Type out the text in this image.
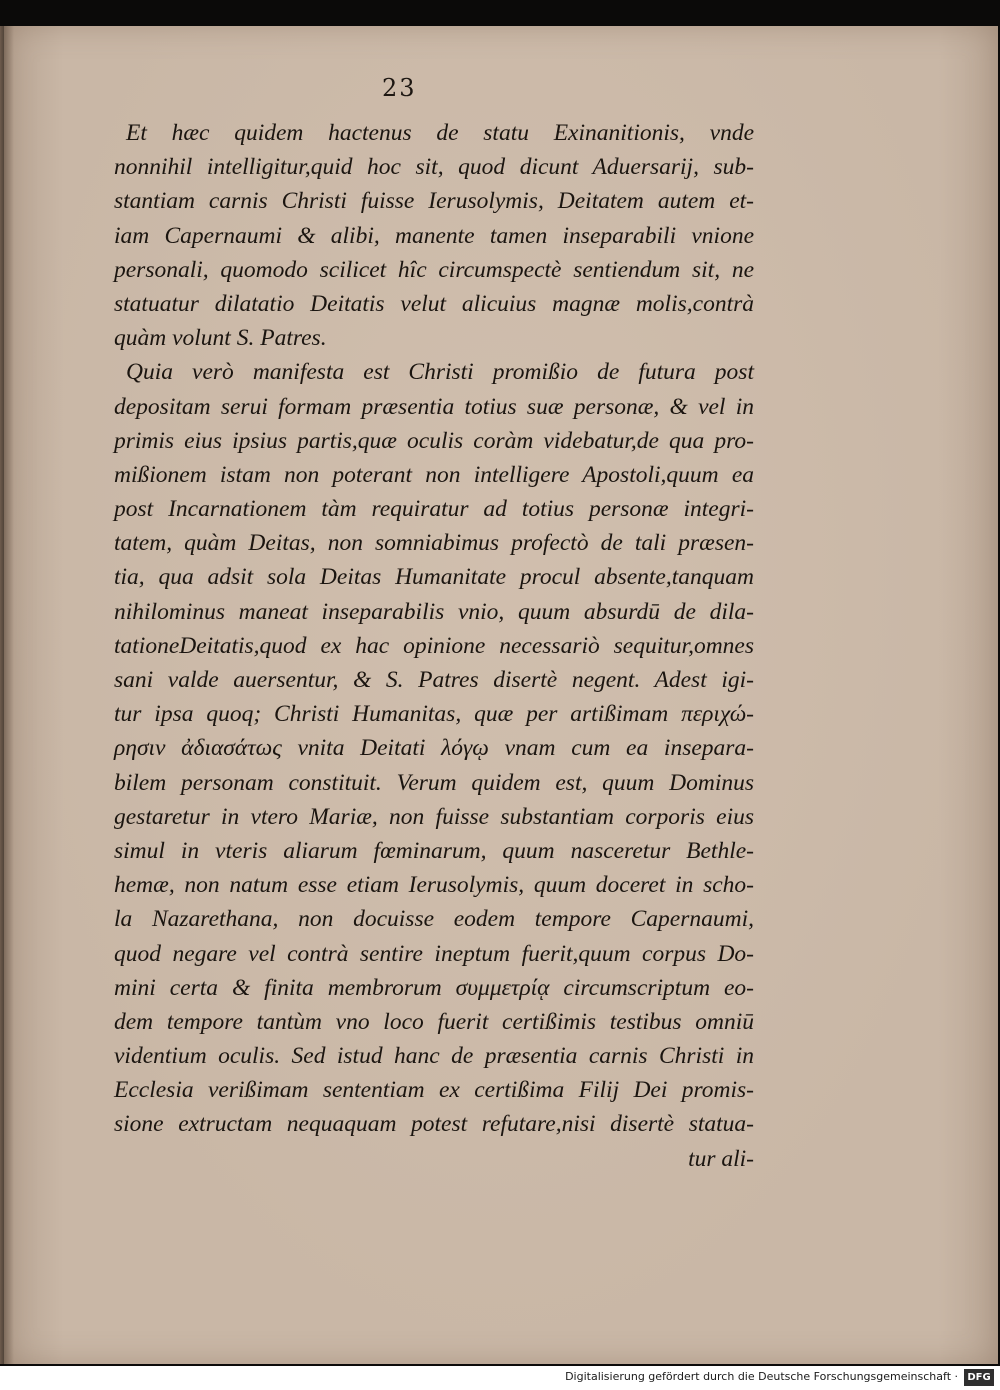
23
Et hæc quidem hactenus de statu Exinanitionis, vnde
nonnihil intelligitur,quid hoc sit, quod dicunt Aduersarij, sub-
stantiam carnis Christi fuisse Ierusolymis, Deitatem autem et-
iam Capernaumi & alibi, manente tamen inseparabili vnione
personali, quomodo scilicet hîc circumspectè sentiendum sit, ne
statuatur dilatatio Deitatis velut alicuius magnæ molis,contrà
quàm volunt S. Patres.
Quia verò manifesta est Christi promißio de futura post
depositam serui formam præsentia totius suæ personæ, & vel in
primis eius ipsius partis,quæ oculis coràm videbatur,de qua pro-
mißionem istam non poterant non intelligere Apostoli,quum ea
post Incarnationem tàm requiratur ad totius personæ integri-
tatem, quàm Deitas, non somniabimus profectò de tali præsen-
tia, qua adsit sola Deitas Humanitate procul absente,tanquam
nihilominus maneat inseparabilis vnio, quum absurdū de dila-
tationeDeitatis,quod ex hac opinione necessariò sequitur,omnes
sani valde auersentur, & S. Patres disertè negent. Adest igi-
tur ipsa quoq; Christi Humanitas, quæ per artißimam περιχώ-
ρησιν ἀδιασάτως vnita Deitati λόγῳ vnam cum ea insepara-
bilem personam constituit. Verum quidem est, quum Dominus
gestaretur in vtero Mariæ, non fuisse substantiam corporis eius
simul in vteris aliarum fœminarum, quum nasceretur Bethle-
hemæ, non natum esse etiam Ierusolymis, quum doceret in scho-
la Nazarethana, non docuisse eodem tempore Capernaumi,
quod negare vel contrà sentire ineptum fuerit,quum corpus Do-
mini certa & finita membrorum συμμετρίᾳ circumscriptum eo-
dem tempore tantùm vno loco fuerit certißimis testibus omniū
videntium oculis. Sed istud hanc de præsentia carnis Christi in
Ecclesia verißimam sententiam ex certißima Filij Dei promis-
sione extructam nequaquam potest refutare,nisi disertè statua-
tur ali-
Digitalisierung gefördert durch die Deutsche Forschungsgemeinschaft · DFG
